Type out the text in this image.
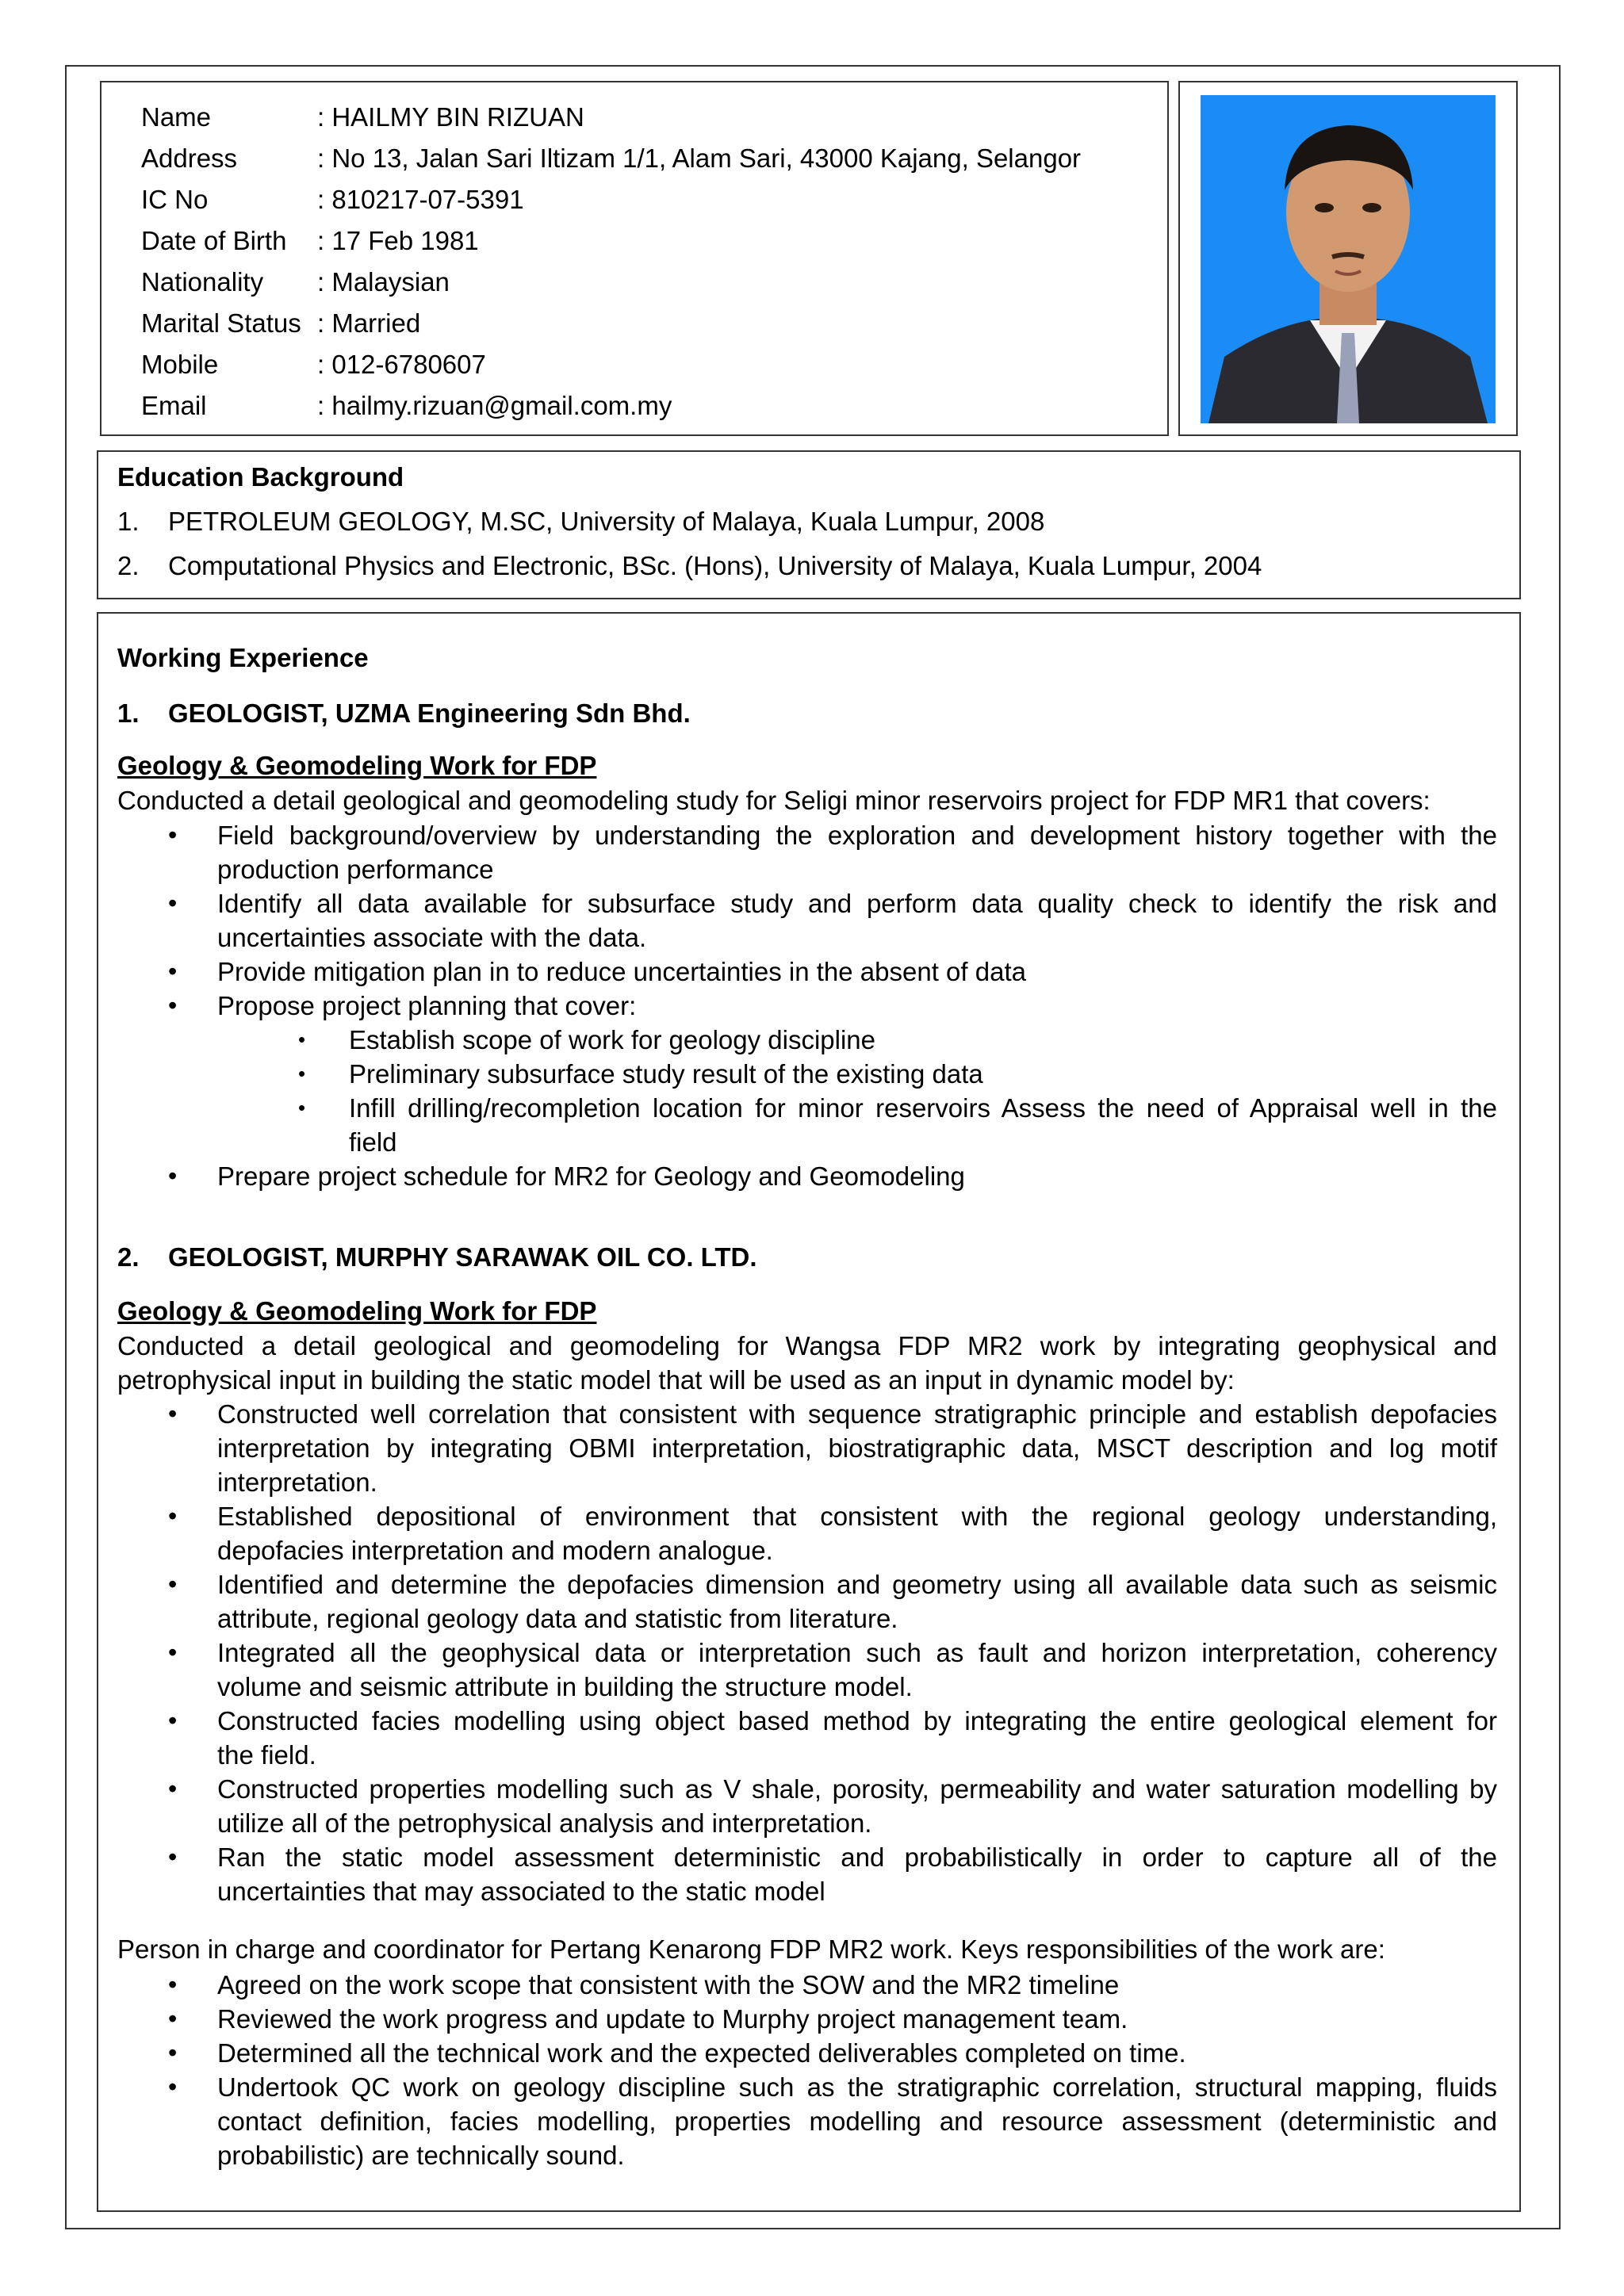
Name	: HAILMY BIN RIZUAN
Address	: No 13, Jalan Sari Iltizam 1/1, Alam Sari, 43000 Kajang, Selangor
IC No	: 810217-07-5391
Date of Birth : 17 Feb 1981
Nationality : Malaysian
Marital Status : Married
Mobile	: 012-6780607
Email	: hailmy.rizuan@gmail.com.my
Education Background
1. PETROLEUM GEOLOGY, M.SC, University of Malaya, Kuala Lumpur, 2008
2. Computational Physics and Electronic, BSc. (Hons), University of Malaya, Kuala Lumpur, 2004
Working Experience
1. GEOLOGIST, UZMA Engineering Sdn Bhd.
Geology & Geomodeling Work for FDP
Conducted a detail geological and geomodeling study for Seligi minor reservoirs project for FDP MR1 that covers:
• Field background/overview by understanding the exploration and development history together with the
production performance
• Identify all data available for subsurface study and perform data quality check to identify the risk and
uncertainties associate with the data.
• Provide mitigation plan in to reduce uncertainties in the absent of data
• Propose project planning that cover:
• Establish scope of work for geology discipline
• Preliminary subsurface study result of the existing data
• Infill drilling/recompletion location for minor reservoirs Assess the need of Appraisal well in the
field
• Prepare project schedule for MR2 for Geology and Geomodeling
2. GEOLOGIST, MURPHY SARAWAK OIL CO. LTD.
Geology & Geomodeling Work for FDP
Conducted a detail geological and geomodeling for Wangsa FDP MR2 work by integrating geophysical and
petrophysical input in building the static model that will be used as an input in dynamic model by:
• Constructed well correlation that consistent with sequence stratigraphic principle and establish depofacies
interpretation by integrating OBMI interpretation, biostratigraphic data, MSCT description and log motif
interpretation.
• Established depositional of environment that consistent with the regional geology understanding,
depofacies interpretation and modern analogue.
• Identified and determine the depofacies dimension and geometry using all available data such as seismic
attribute, regional geology data and statistic from literature.
• Integrated all the geophysical data or interpretation such as fault and horizon interpretation, coherency
volume and seismic attribute in building the structure model.
• Constructed facies modelling using object based method by integrating the entire geological element for
the field.
• Constructed properties modelling such as V shale, porosity, permeability and water saturation modelling by
utilize all of the petrophysical analysis and interpretation.
• Ran the static model assessment deterministic and probabilistically in order to capture all of the
uncertainties that may associated to the static model
Person in charge and coordinator for Pertang Kenarong FDP MR2 work. Keys responsibilities of the work are:
• Agreed on the work scope that consistent with the SOW and the MR2 timeline
• Reviewed the work progress and update to Murphy project management team.
• Determined all the technical work and the expected deliverables completed on time.
• Undertook QC work on geology discipline such as the stratigraphic correlation, structural mapping, fluids
contact definition, facies modelling, properties modelling and resource assessment (deterministic and
probabilistic) are technically sound.
